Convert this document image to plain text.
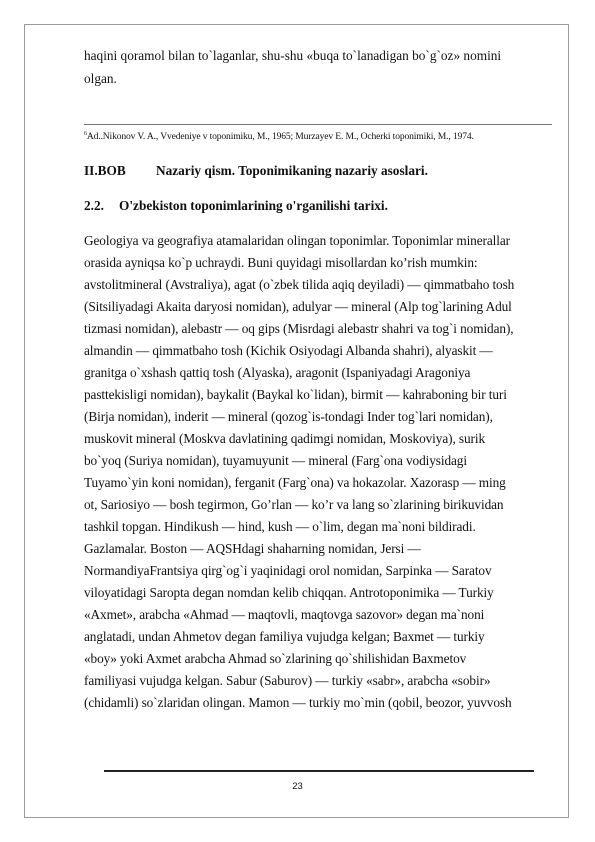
haqini qoramol bilan to`laganlar, shu-shu «buqa to`lanadigan bo`g`oz» nomini
olgan.

$^6$Ad..Nikonov V. A., Vvedeniye v toponimiku, M., 1965; Murzayev E. M., Ocherki toponimiki, M., 1974.
II.BOB Nazariy qism. Toponimikaning nazariy asoslari.
2.2. O'zbekiston toponimlarining o'rganilishi tarixi.
Geologiya va geografiya atamalaridan olingan toponimlar. Toponimlar minerallar
orasida ayniqsa ko`p uchraydi. Buni quyidagi misollardan ko’rish mumkin:
avstolitmineral (Avstraliya), agat (o`zbek tilida aqiq deyiladi) — qimmatbaho tosh
(Sitsiliyadagi Akaita daryosi nomidan), adulyar — mineral (Alp tog`larining Adul
tizmasi nomidan), alebastr — oq gips (Misrdagi alebastr shahri va tog`i nomidan),
almandin — qimmatbaho tosh (Kichik Osiyodagi Albanda shahri), alyaskit —
granitga o`xshash qattiq tosh (Alyaska), aragonit (Ispaniyadagi Aragoniya
pasttekisligi nomidan), baykalit (Baykal ko`lidan), birmit — kahraboning bir turi
(Birja nomidan), inderit — mineral (qozog`is-tondagi Inder tog`lari nomidan),
muskovit mineral (Moskva davlatining qadimgi nomidan, Moskoviya), surik
bo`yoq (Suriya nomidan), tuyamuyunit — mineral (Farg`ona vodiysidagi
Tuyamo`yin koni nomidan), ferganit (Farg`ona) va hokazolar. Xazorasp — ming
ot, Sariosiyo — bosh tegirmon, Go’rlan — ko’r va lang so`zlarining birikuvidan
tashkil topgan. Hindikush — hind, kush — o`lim, degan ma`noni bildiradi.
Gazlamalar. Boston — AQSHdagi shaharning nomidan, Jersi —
NormandiyaFrantsiya qirg`og`i yaqinidagi orol nomidan, Sarpinka — Saratov
viloyatidagi Saropta degan nomdan kelib chiqqan. Antrotoponimika — Turkiy
«Axmet», arabcha «Ahmad — maqtovli, maqtovga sazovor» degan ma`noni
anglatadi, undan Ahmetov degan familiya vujudga kelgan; Baxmet — turkiy
«boy» yoki Axmet arabcha Ahmad so`zlarining qo`shilishidan Baxmetov
familiyasi vujudga kelgan. Sabur (Saburov) — turkiy «sabr», arabcha «sobir»
(chidamli) so`zlaridan olingan. Mamon — turkiy mo`min (qobil, beozor, yuvvosh
23
